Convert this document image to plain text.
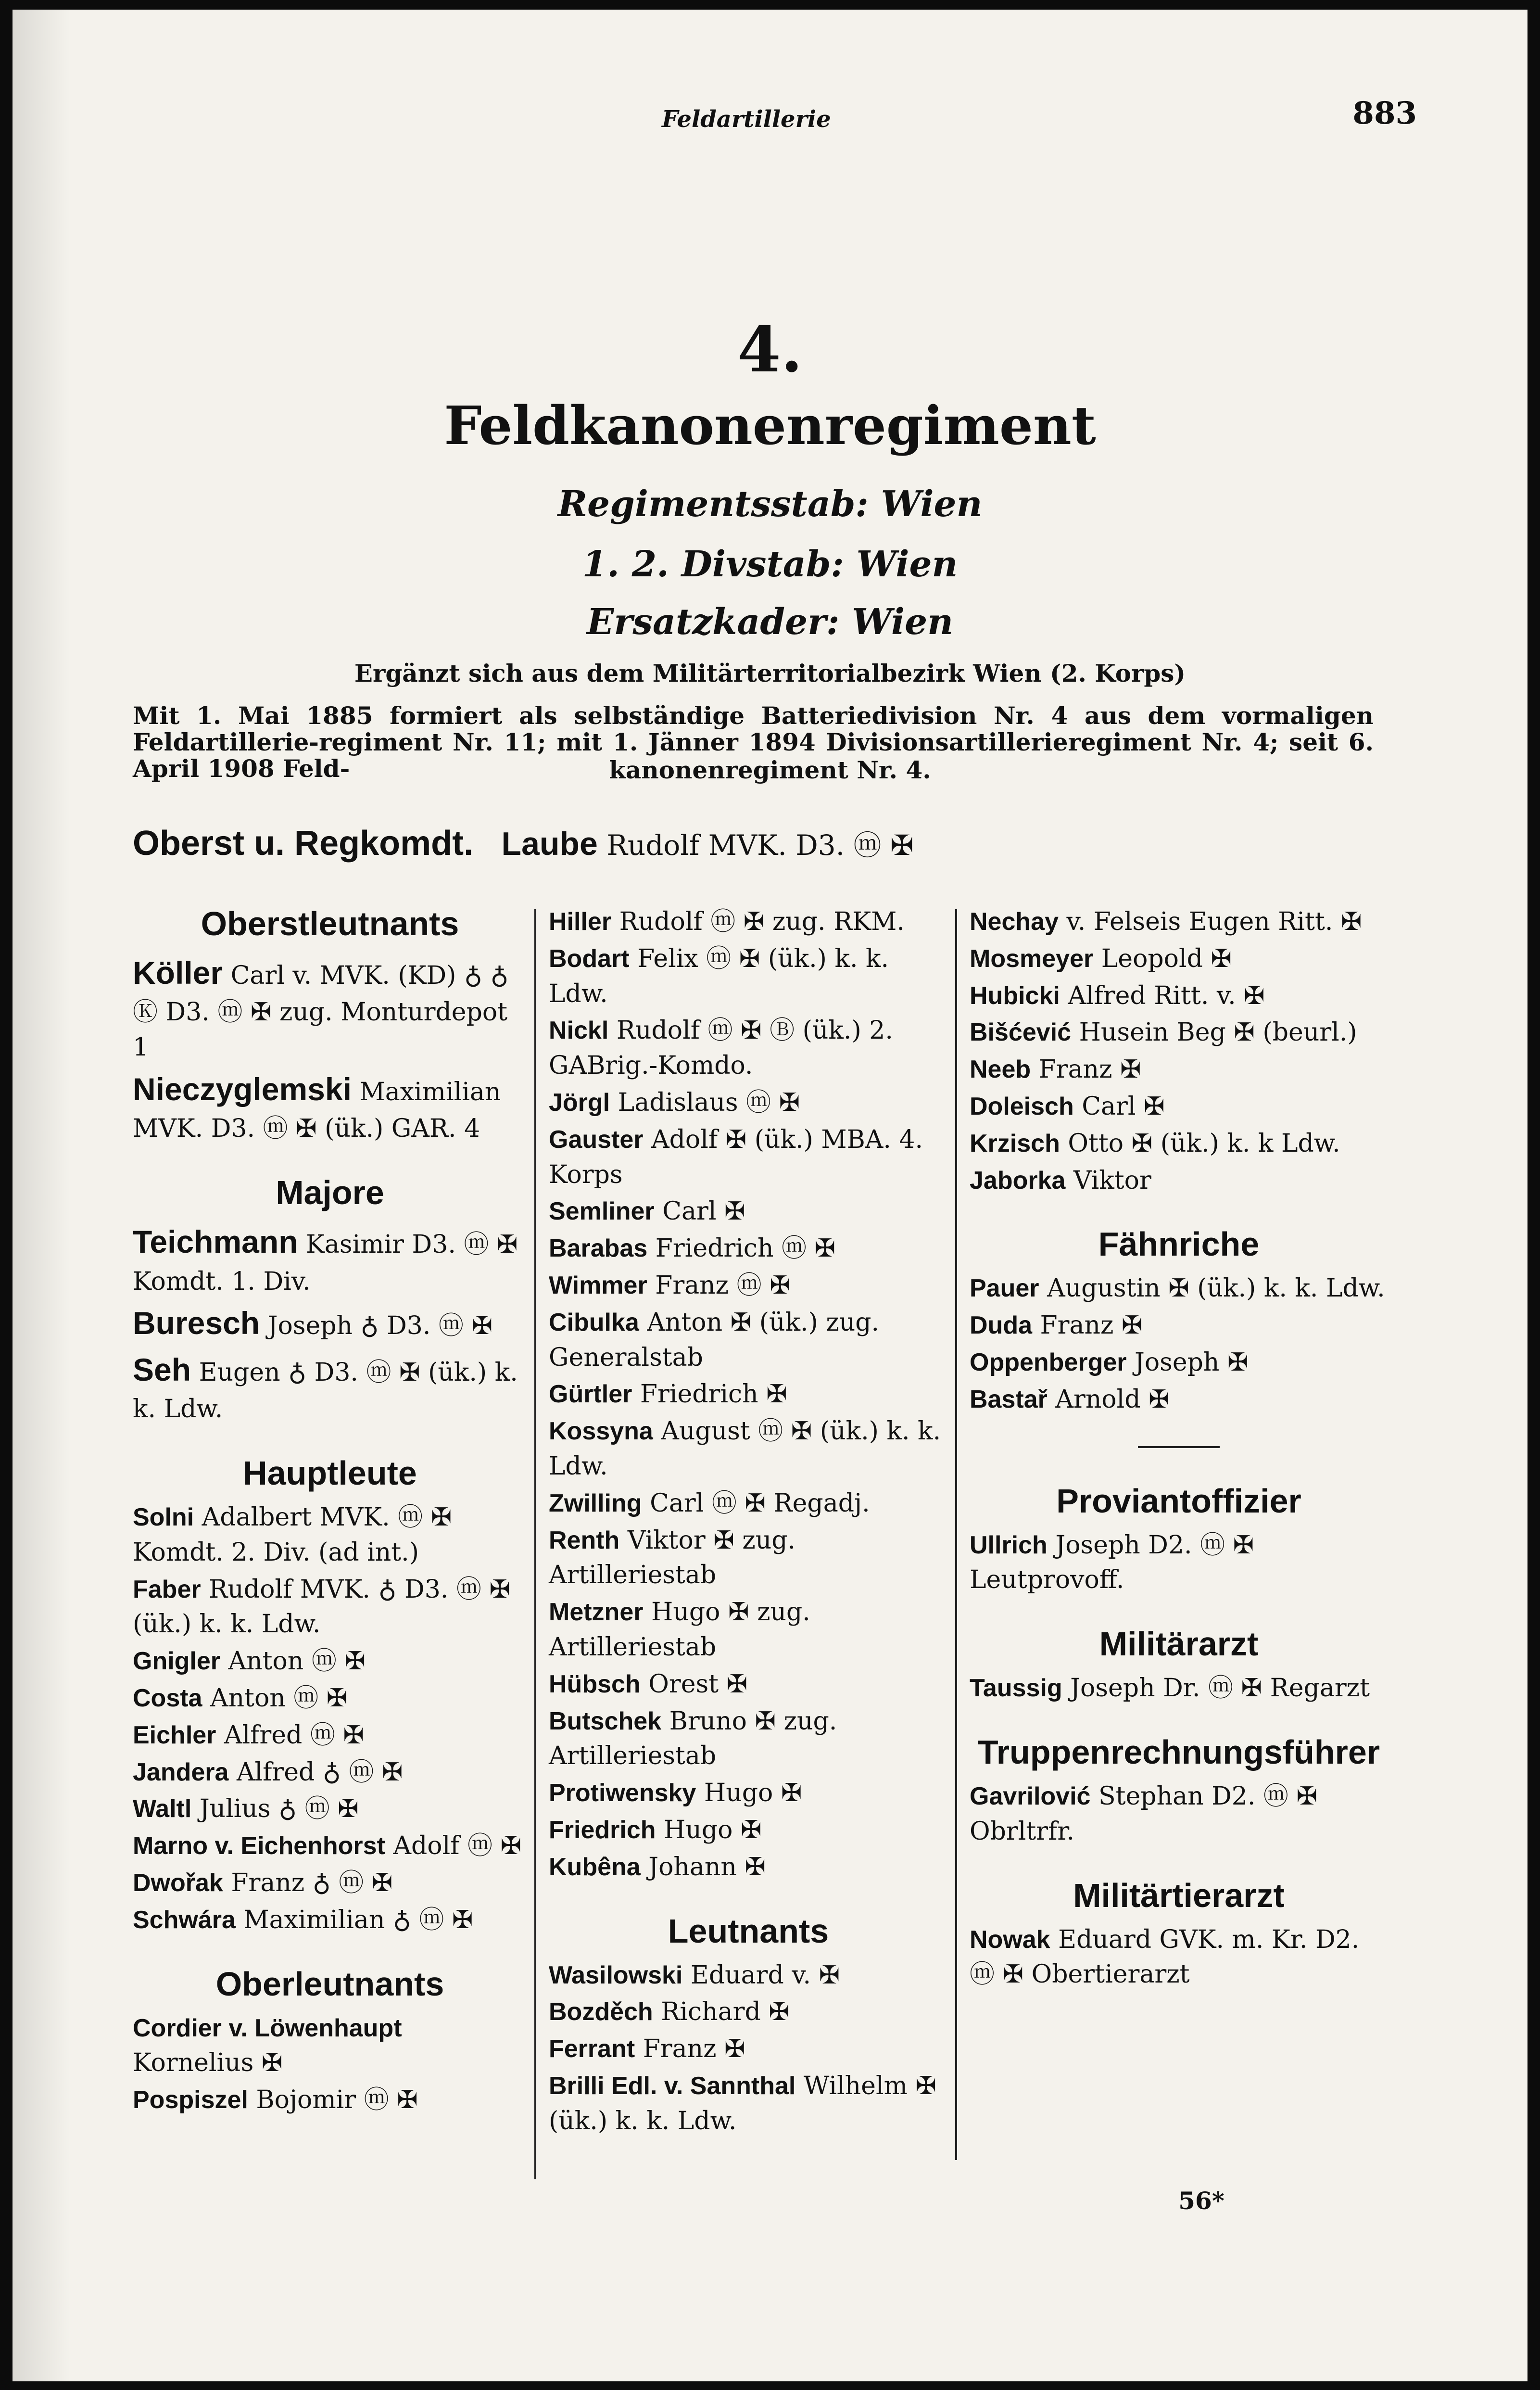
Feldartillerie	883
4.
Feldkanonenregiment
Regimentsstab: Wien
1. 2. Divstab: Wien
Ersatzkader: Wien
Ergänzt sich aus dem Militärterritorialbezirk Wien (2. Korps)
Mit 1. Mai 1885 formiert als selbständige Batteriedivision Nr. 4 aus dem vormaligen Feldartillerie-regiment Nr. 11; mit 1. Jänner 1894 Divisionsartillerieregiment Nr. 4; seit 6. April 1908 Feld-	kanonenregiment Nr. 4.
Oberst u. Regkomdt. Laube Rudolf MVK. D3. ⓜ ✠
Oberstleutnants
Köller Carl v. MVK. (KD) ♁ ♁ Ⓚ D3. ⓜ ✠ zug. Monturdepot 1
Nieczyglemski Maximilian MVK. D3. ⓜ ✠ (ük.) GAR. 4
Majore
Teichmann Kasimir D3. ⓜ ✠ Komdt. 1. Div.
Buresch Joseph ♁ D3. ⓜ ✠
Seh Eugen ♁ D3. ⓜ ✠ (ük.) k. k. Ldw.
Hauptleute
Solni Adalbert MVK. ⓜ ✠ Komdt. 2. Div. (ad int.)
Faber Rudolf MVK. ♁ D3. ⓜ ✠ (ük.) k. k. Ldw.
Gnigler Anton ⓜ ✠
Costa Anton ⓜ ✠
Eichler Alfred ⓜ ✠
Jandera Alfred ♁ ⓜ ✠
Waltl Julius ♁ ⓜ ✠
Marno v. Eichenhorst Adolf ⓜ ✠
Dwořak Franz ♁ ⓜ ✠
Schwára Maximilian ♁ ⓜ ✠
Oberleutnants
Cordier v. Löwenhaupt Kornelius ✠
Pospiszel Bojomir ⓜ ✠
Hiller Rudolf ⓜ ✠ zug. RKM.
Bodart Felix ⓜ ✠ (ük.) k. k. Ldw.
Nickl Rudolf ⓜ ✠ Ⓑ (ük.) 2. GABrig.-Komdo.
Jörgl Ladislaus ⓜ ✠
Gauster Adolf ✠ (ük.) MBA. 4. Korps
Semliner Carl ✠
Barabas Friedrich ⓜ ✠
Wimmer Franz ⓜ ✠
Cibulka Anton ✠ (ük.) zug. Generalstab
Gürtler Friedrich ✠
Kossyna August ⓜ ✠ (ük.) k. k. Ldw.
Zwilling Carl ⓜ ✠ Regadj.
Renth Viktor ✠ zug. Artilleriestab
Metzner Hugo ✠ zug. Artilleriestab
Hübsch Orest ✠
Butschek Bruno ✠ zug. Artilleriestab
Protiwensky Hugo ✠
Friedrich Hugo ✠
Kubêna Johann ✠
Leutnants
Wasilowski Eduard v. ✠
Bozděch Richard ✠
Ferrant Franz ✠
Brilli Edl. v. Sannthal Wilhelm ✠ (ük.) k. k. Ldw.
Nechay v. Felseis Eugen Ritt. ✠
Mosmeyer Leopold ✠
Hubicki Alfred Ritt. v. ✠
Bišćević Husein Beg ✠ (beurl.)
Neeb Franz ✠
Doleisch Carl ✠
Krzisch Otto ✠ (ük.) k. k Ldw.
Jaborka Viktor
Fähnriche
Pauer Augustin ✠ (ük.) k. k. Ldw.
Duda Franz ✠
Oppenberger Joseph ✠
Bastař Arnold ✠
Proviantoffizier
Ullrich Joseph D2. ⓜ ✠ Leutprovoff.
Militärarzt
Taussig Joseph Dr. ⓜ ✠ Regarzt
Truppenrechnungsführer
Gavrilović Stephan D2. ⓜ ✠ Obrltrfr.
Militärtierarzt
Nowak Eduard GVK. m. Kr. D2. ⓜ ✠ Obertierarzt
56*
